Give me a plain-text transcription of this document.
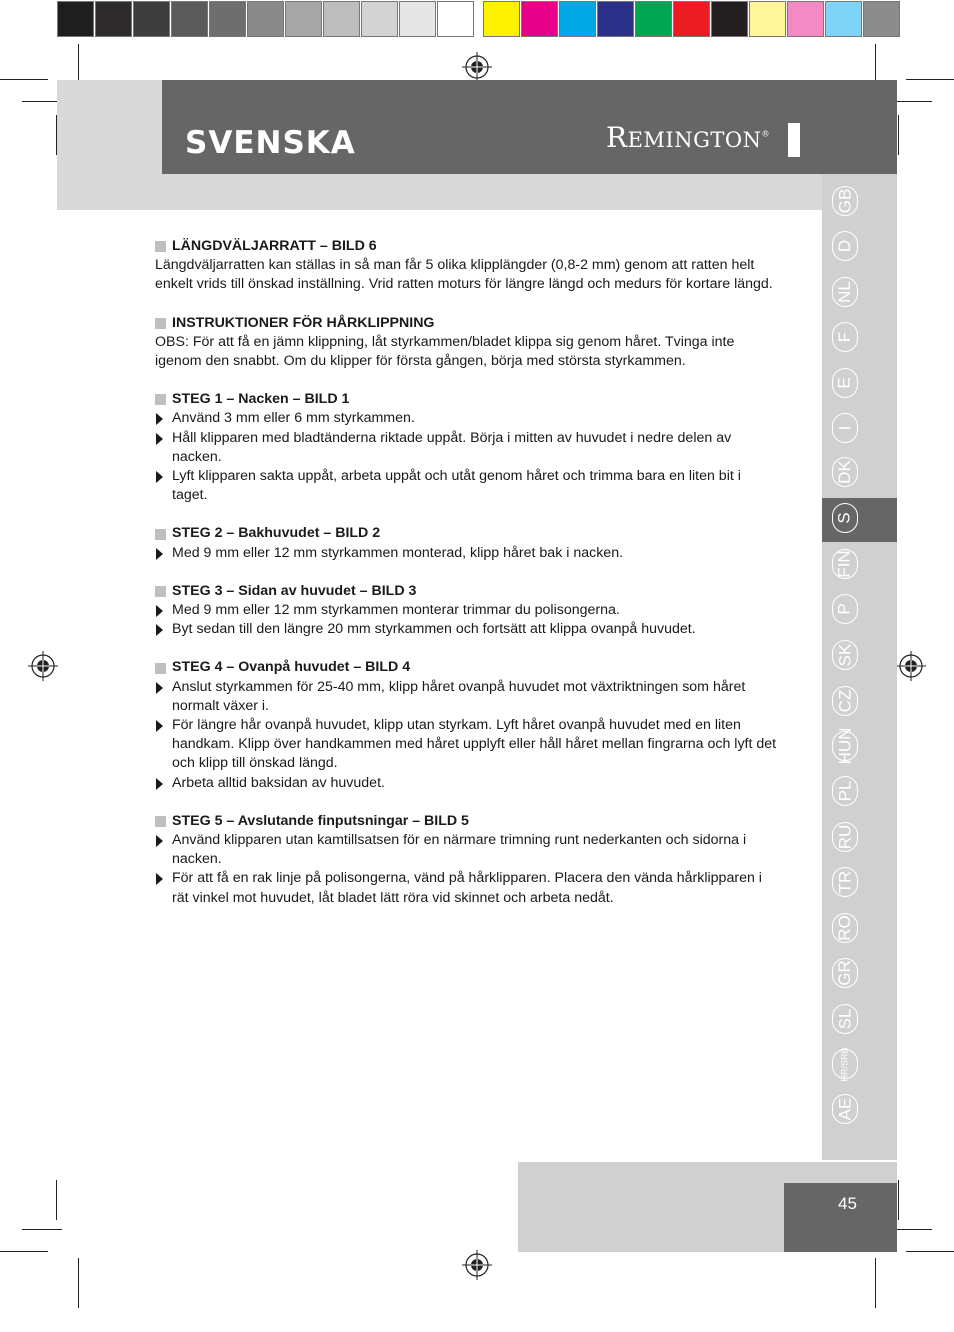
SVENSKA	REMINGTON®
GB
D
NL
F
E
I
DK
S
FIN
P
SK
CZ
HUN
PL
RU
TR
RO
GR
SL
HR/SRB
AE
LÄNGDVÄLJARRATT – BILD 6

Längdväljarratten kan ställas in så man får 5 olika klipplängder (0,8-2 mm) genom att ratten helt enkelt vrids till önskad inställning. Vrid ratten moturs för längre längd och medurs för kortare längd.

INSTRUKTIONER FÖR HÅRKLIPPNING

OBS: För att få en jämn klippning, låt styrkammen/bladet klippa sig genom håret. Tvinga inte igenom den snabbt. Om du klipper för första gången, börja med största styrkammen.

STEG 1 – Nacken – BILD 1
Använd 3 mm eller 6 mm styrkammen.
Håll klipparen med bladtänderna riktade uppåt. Börja i mitten av huvudet i nedre delen av nacken.
Lyft klipparen sakta uppåt, arbeta uppåt och utåt genom håret och trimma bara en liten bit i taget.
STEG 2 – Bakhuvudet – BILD 2
Med 9 mm eller 12 mm styrkammen monterad, klipp håret bak i nacken.
STEG 3 – Sidan av huvudet – BILD 3
Med 9 mm eller 12 mm styrkammen monterar trimmar du polisongerna.
Byt sedan till den längre 20 mm styrkammen och fortsätt att klippa ovanpå huvudet.
STEG 4 – Ovanpå huvudet – BILD 4
Anslut styrkammen för 25-40 mm, klipp håret ovanpå huvudet mot växtriktningen som håret normalt växer i.
För längre hår ovanpå huvudet, klipp utan styrkam. Lyft håret ovanpå huvudet med en liten handkam. Klipp över handkammen med håret upplyft eller håll håret mellan fingrarna och lyft det och klipp till önskad längd.
Arbeta alltid baksidan av huvudet.
STEG 5 – Avslutande finputsningar – BILD 5
Använd klipparen utan kamtillsatsen för en närmare trimning runt nederkanten och sidorna i nacken.
För att få en rak linje på polisongerna, vänd på hårklipparen. Placera den vända hårklipparen i rät vinkel mot huvudet, låt bladet lätt röra vid skinnet och arbeta nedåt.
45
